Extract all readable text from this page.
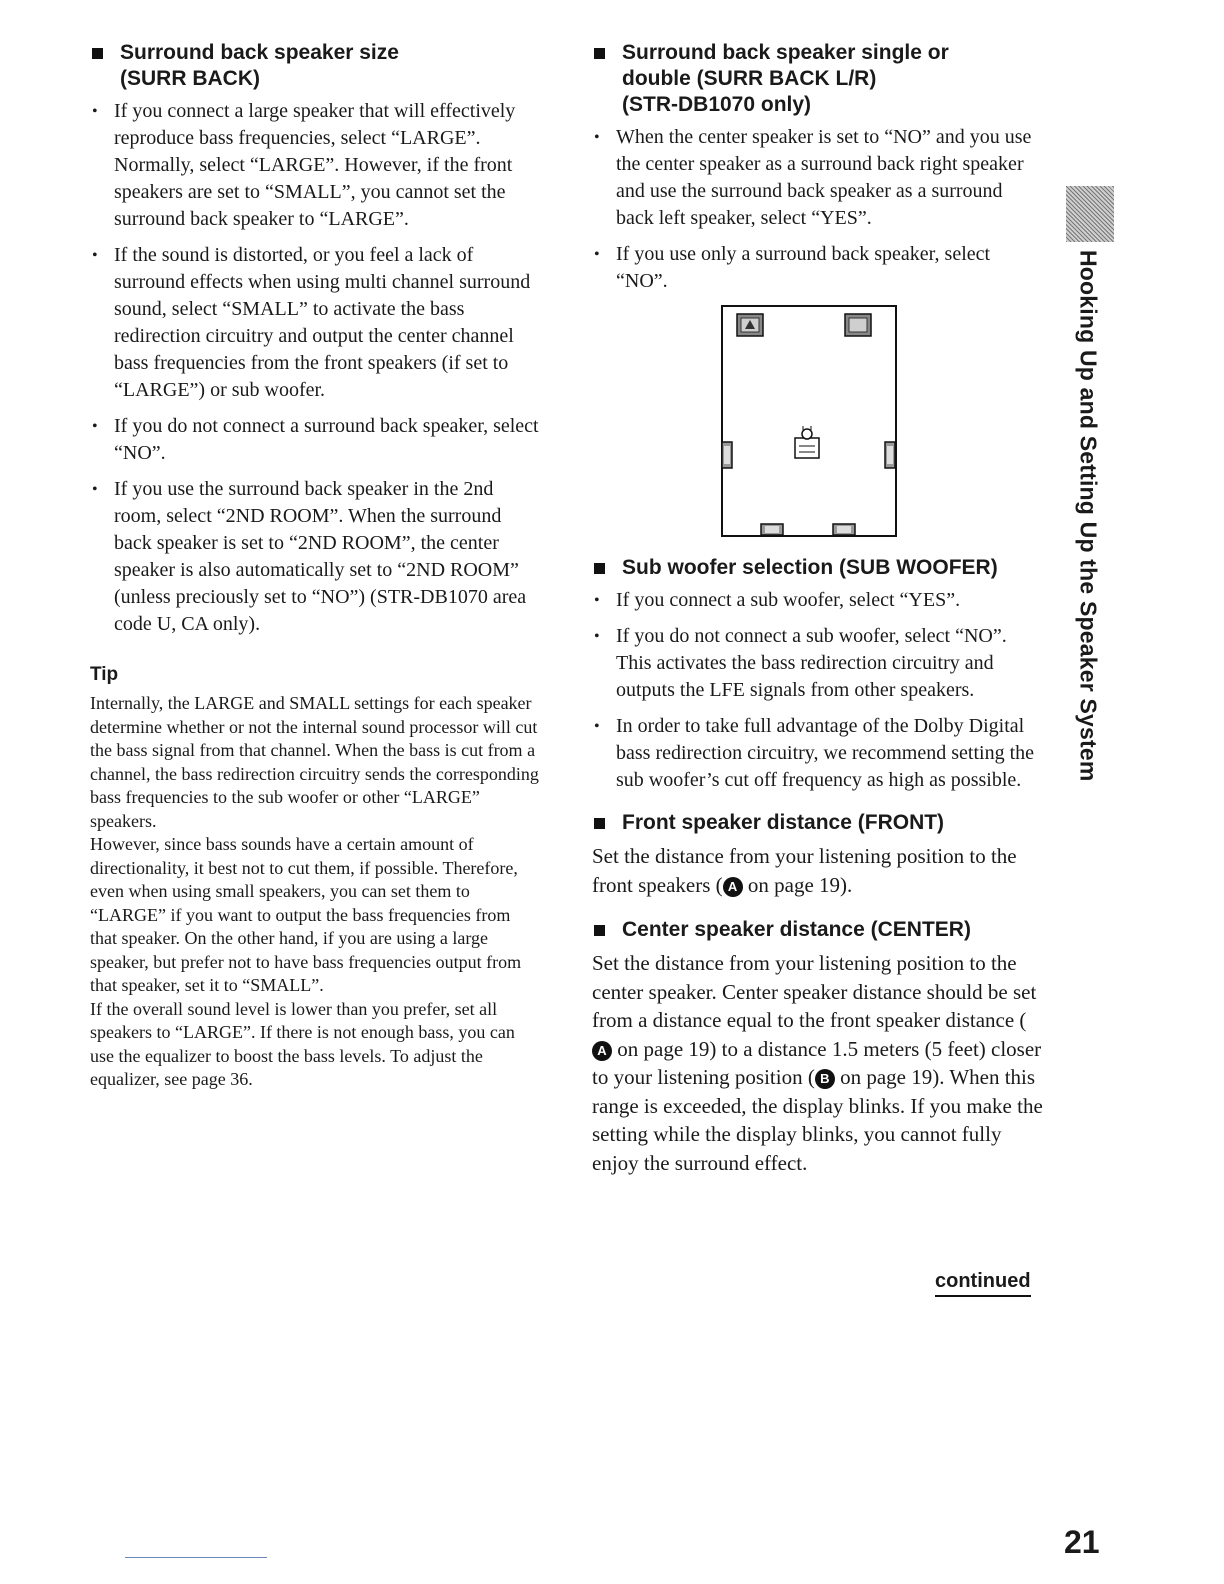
Surround back speaker size
(SURR BACK)
• If you connect a large speaker that will effectively reproduce bass frequencies, select “LARGE”. Normally, select “LARGE”. However, if the front speakers are set to “SMALL”, you cannot set the surround back speaker to “LARGE”.
• If the sound is distorted, or you feel a lack of surround effects when using multi channel surround sound, select “SMALL” to activate the bass redirection circuitry and output the center channel bass frequencies from the front speakers (if set to “LARGE”) or sub woofer.
• If you do not connect a surround back speaker, select “NO”.
• If you use the surround back speaker in the 2nd room, select “2ND ROOM”. When the surround back speaker is set to “2ND ROOM”, the center speaker is also automatically set to “2ND ROOM” (unless preciously set to “NO”) (STR-DB1070 area code U, CA only).
Tip

Internally, the LARGE and SMALL settings for each speaker determine whether or not the internal sound processor will cut the bass signal from that channel. When the bass is cut from a channel, the bass redirection circuitry sends the corresponding bass frequencies to the sub woofer or other “LARGE” speakers.

However, since bass sounds have a certain amount of directionality, it best not to cut them, if possible. Therefore, even when using small speakers, you can set them to “LARGE” if you want to output the bass frequencies from that speaker. On the other hand, if you are using a large speaker, but prefer not to have bass frequencies output from that speaker, set it to “SMALL”.

If the overall sound level is lower than you prefer, set all speakers to “LARGE”. If there is not enough bass, you can use the equalizer to boost the bass levels. To adjust the equalizer, see page 36.

Surround back speaker single or
double (SURR BACK L/R)
(STR-DB1070 only)
• When the center speaker is set to “NO” and you use the center speaker as a surround back right speaker and use the surround back speaker as a surround back left speaker, select “YES”.
• If you use only a surround back speaker, select “NO”.
Sub woofer selection (SUB WOOFER)
• If you connect a sub woofer, select “YES”.
• If you do not connect a sub woofer, select “NO”. This activates the bass redirection circuitry and outputs the LFE signals from other speakers.
• In order to take full advantage of the Dolby Digital bass redirection circuitry, we recommend setting the sub woofer’s cut off frequency as high as possible.
Front speaker distance (FRONT)

Set the distance from your listening position to the front speakers ( A on page 19).

Center speaker distance (CENTER)

Set the distance from your listening position to the center speaker. Center speaker distance should be set from a distance equal to the front speaker distance (A on page 19) to a distance 1.5 meters (5 feet) closer to your listening position ( B on page 19). When this range is exceeded, the display blinks. If you make the setting while the display blinks, you cannot fully enjoy the surround effect.

continued
Hooking Up and Setting Up the Speaker System
21
